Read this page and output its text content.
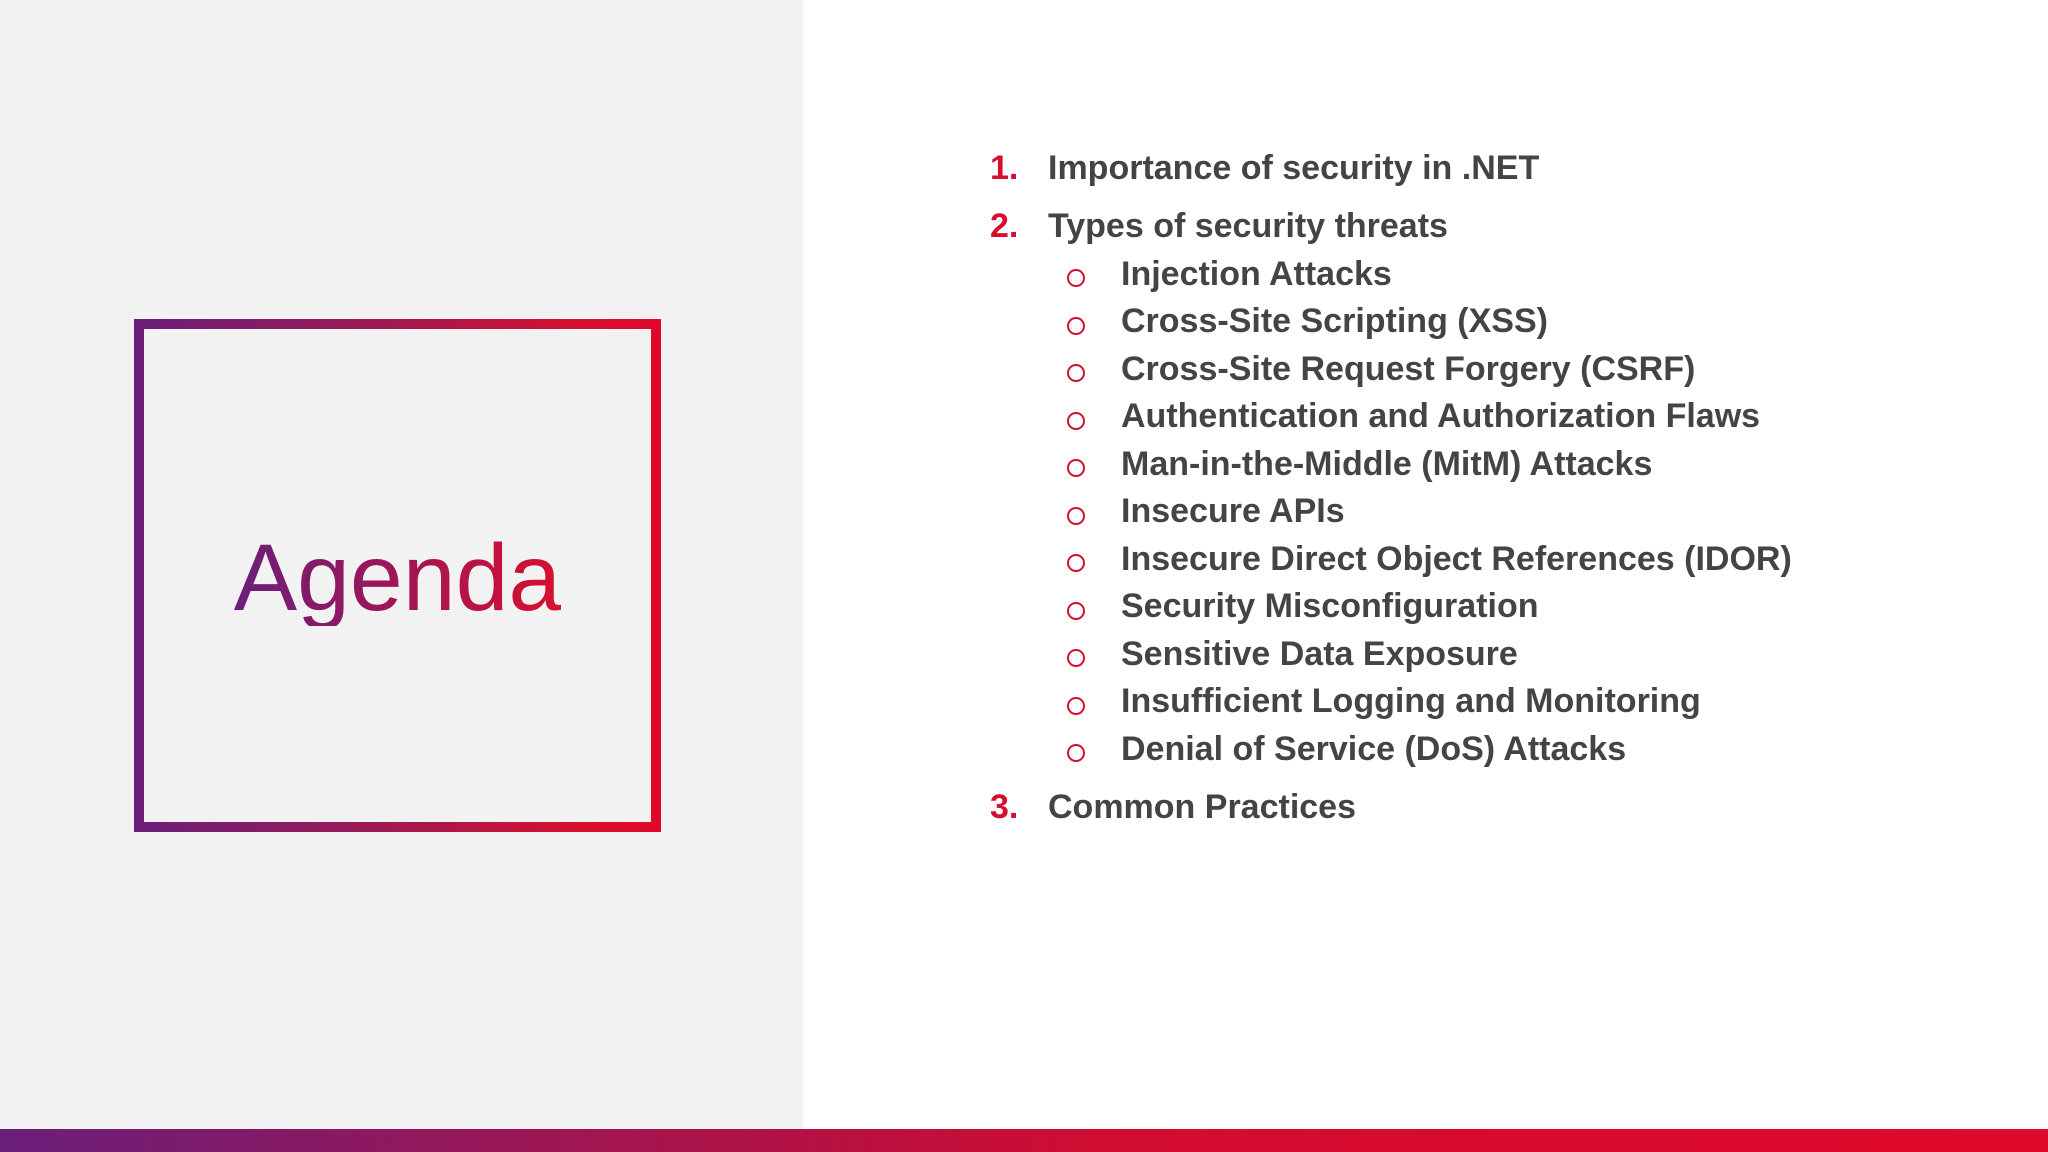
Agenda
1. Importance of security in .NET
2. Types of security threats
Injection Attacks
Cross-Site Scripting (XSS)
Cross-Site Request Forgery (CSRF)
Authentication and Authorization Flaws
Man-in-the-Middle (MitM) Attacks
Insecure APIs
Insecure Direct Object References (IDOR)
Security Misconfiguration
Sensitive Data Exposure
Insufficient Logging and Monitoring
Denial of Service (DoS) Attacks
3. Common Practices
